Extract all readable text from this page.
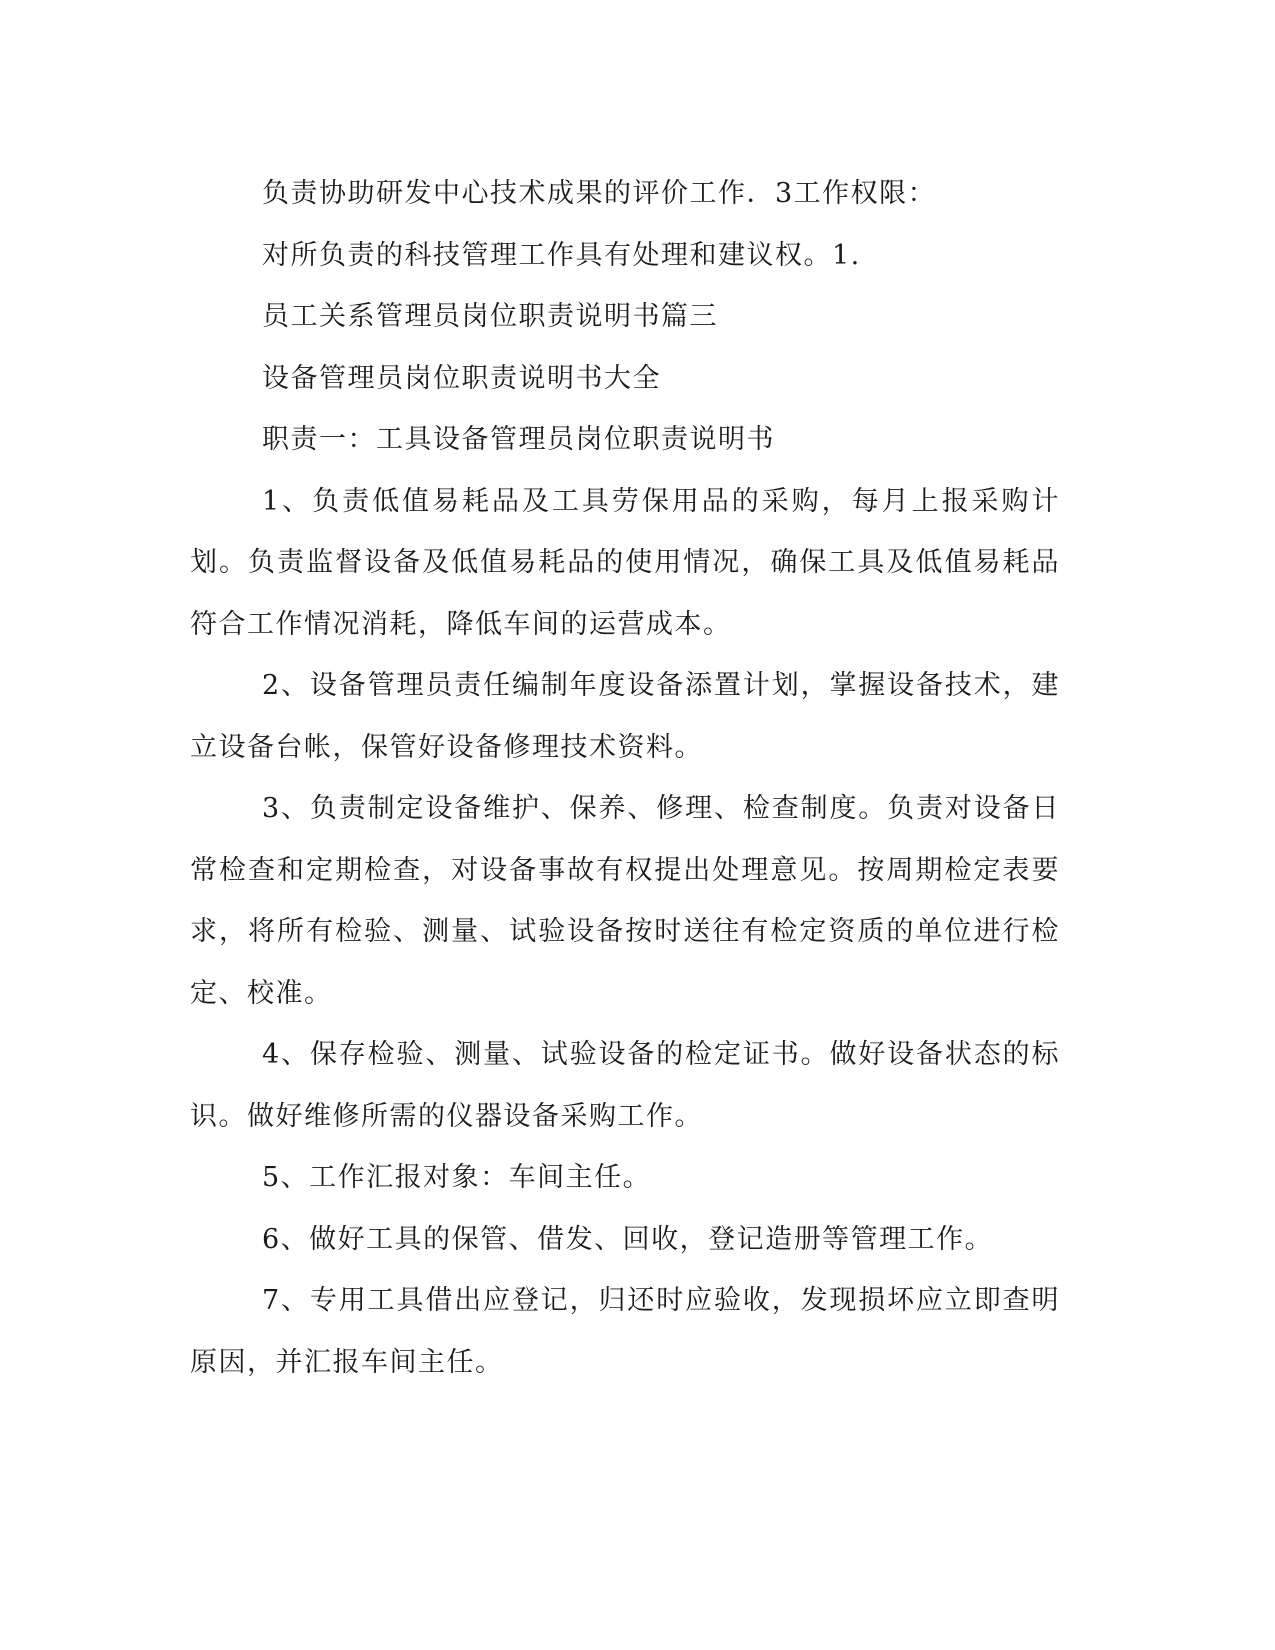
负责协助研发中心技术成果的评价工作．3工作权限：

对所负责的科技管理工作具有处理和建议权。1.

员工关系管理员岗位职责说明书篇三

设备管理员岗位职责说明书大全

职责一：工具设备管理员岗位职责说明书

1、负责低值易耗品及工具劳保用品的采购，每月上报采购计划。负责监督设备及低值易耗品的使用情况，确保工具及低值易耗品符合工作情况消耗，降低车间的运营成本。

2、设备管理员责任编制年度设备添置计划，掌握设备技术，建立设备台帐，保管好设备修理技术资料。

3、负责制定设备维护、保养、修理、检查制度。负责对设备日常检查和定期检查，对设备事故有权提出处理意见。按周期检定表要求，将所有检验、测量、试验设备按时送往有检定资质的单位进行检定、校准。

4、保存检验、测量、试验设备的检定证书。做好设备状态的标识。做好维修所需的仪器设备采购工作。

5、工作汇报对象：车间主任。

6、做好工具的保管、借发、回收，登记造册等管理工作。

7、专用工具借出应登记，归还时应验收，发现损坏应立即查明原因，并汇报车间主任。
